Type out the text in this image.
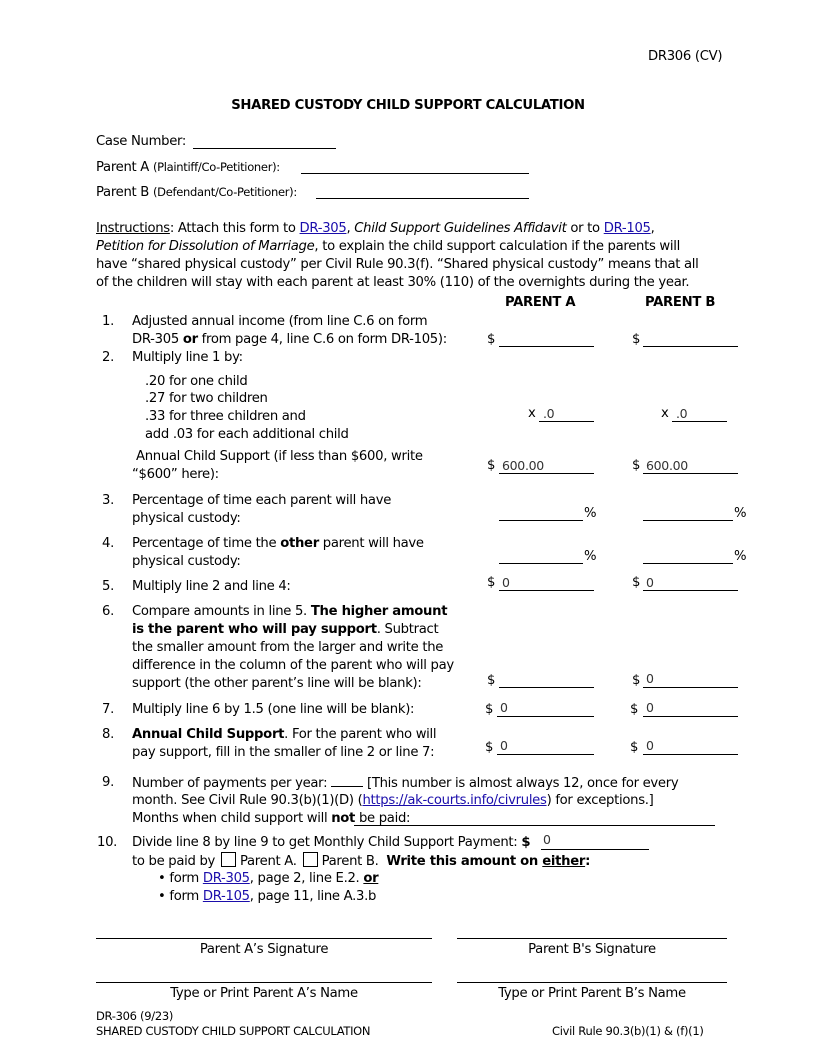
DR306 (CV)
SHARED CUSTODY CHILD SUPPORT CALCULATION
Case Number:
Parent A (Plaintiff/Co-Petitioner):
Parent B (Defendant/Co-Petitioner):
Instructions: Attach this form to DR-305, Child Support Guidelines Affidavit or to DR-105,
Petition for Dissolution of Marriage, to explain the child support calculation if the parents will
have “shared physical custody” per Civil Rule 90.3(f). “Shared physical custody” means that all
of the children will stay with each parent at least 30% (110) of the overnights during the year.
PARENT A	PARENT B
1. Adjusted annual income (from line C.6 on form
DR-305 or from page 4, line C.6 on form DR-105):	$	$
2. Multiply line 1 by:
.20 for one child
.27 for two children
.33 for three children and
add .03 for each additional child
x .0	x .0
Annual Child Support (if less than $600, write
“$600” here):
$ 600.00	$ 600.00
3. Percentage of time each parent will have
physical custody:	%	%
4. Percentage of time the other parent will have
physical custody:	%	%
5. Multiply line 2 and line 4:	$ 0	$ 0
6. Compare amounts in line 5. The higher amount
is the parent who will pay support. Subtract
the smaller amount from the larger and write the
difference in the column of the parent who will pay
support (the other parent’s line will be blank):	$	$ 0
7. Multiply line 6 by 1.5 (one line will be blank):	$ 0	$ 0
8. Annual Child Support. For the parent who will
pay support, fill in the smaller of line 2 or line 7:	$ 0	$ 0
9. Number of payments per year:  [This number is almost always 12, once for every
month. See Civil Rule 90.3(b)(1)(D) (https://ak-courts.info/civrules) for exceptions.]
Months when child support will not be paid:
10. Divide line 8 by line 9 to get Monthly Child Support Payment: $ 0
to be paid by Parent A. Parent B. Write this amount on either:
• form DR-305, page 2, line E.2. or
• form DR-105, page 11, line A.3.b
Parent A’s Signature	Parent B's Signature
Type or Print Parent A’s Name	Type or Print Parent B’s Name
DR-306 (9/23)
SHARED CUSTODY CHILD SUPPORT CALCULATION	Civil Rule 90.3(b)(1) & (f)(1)
